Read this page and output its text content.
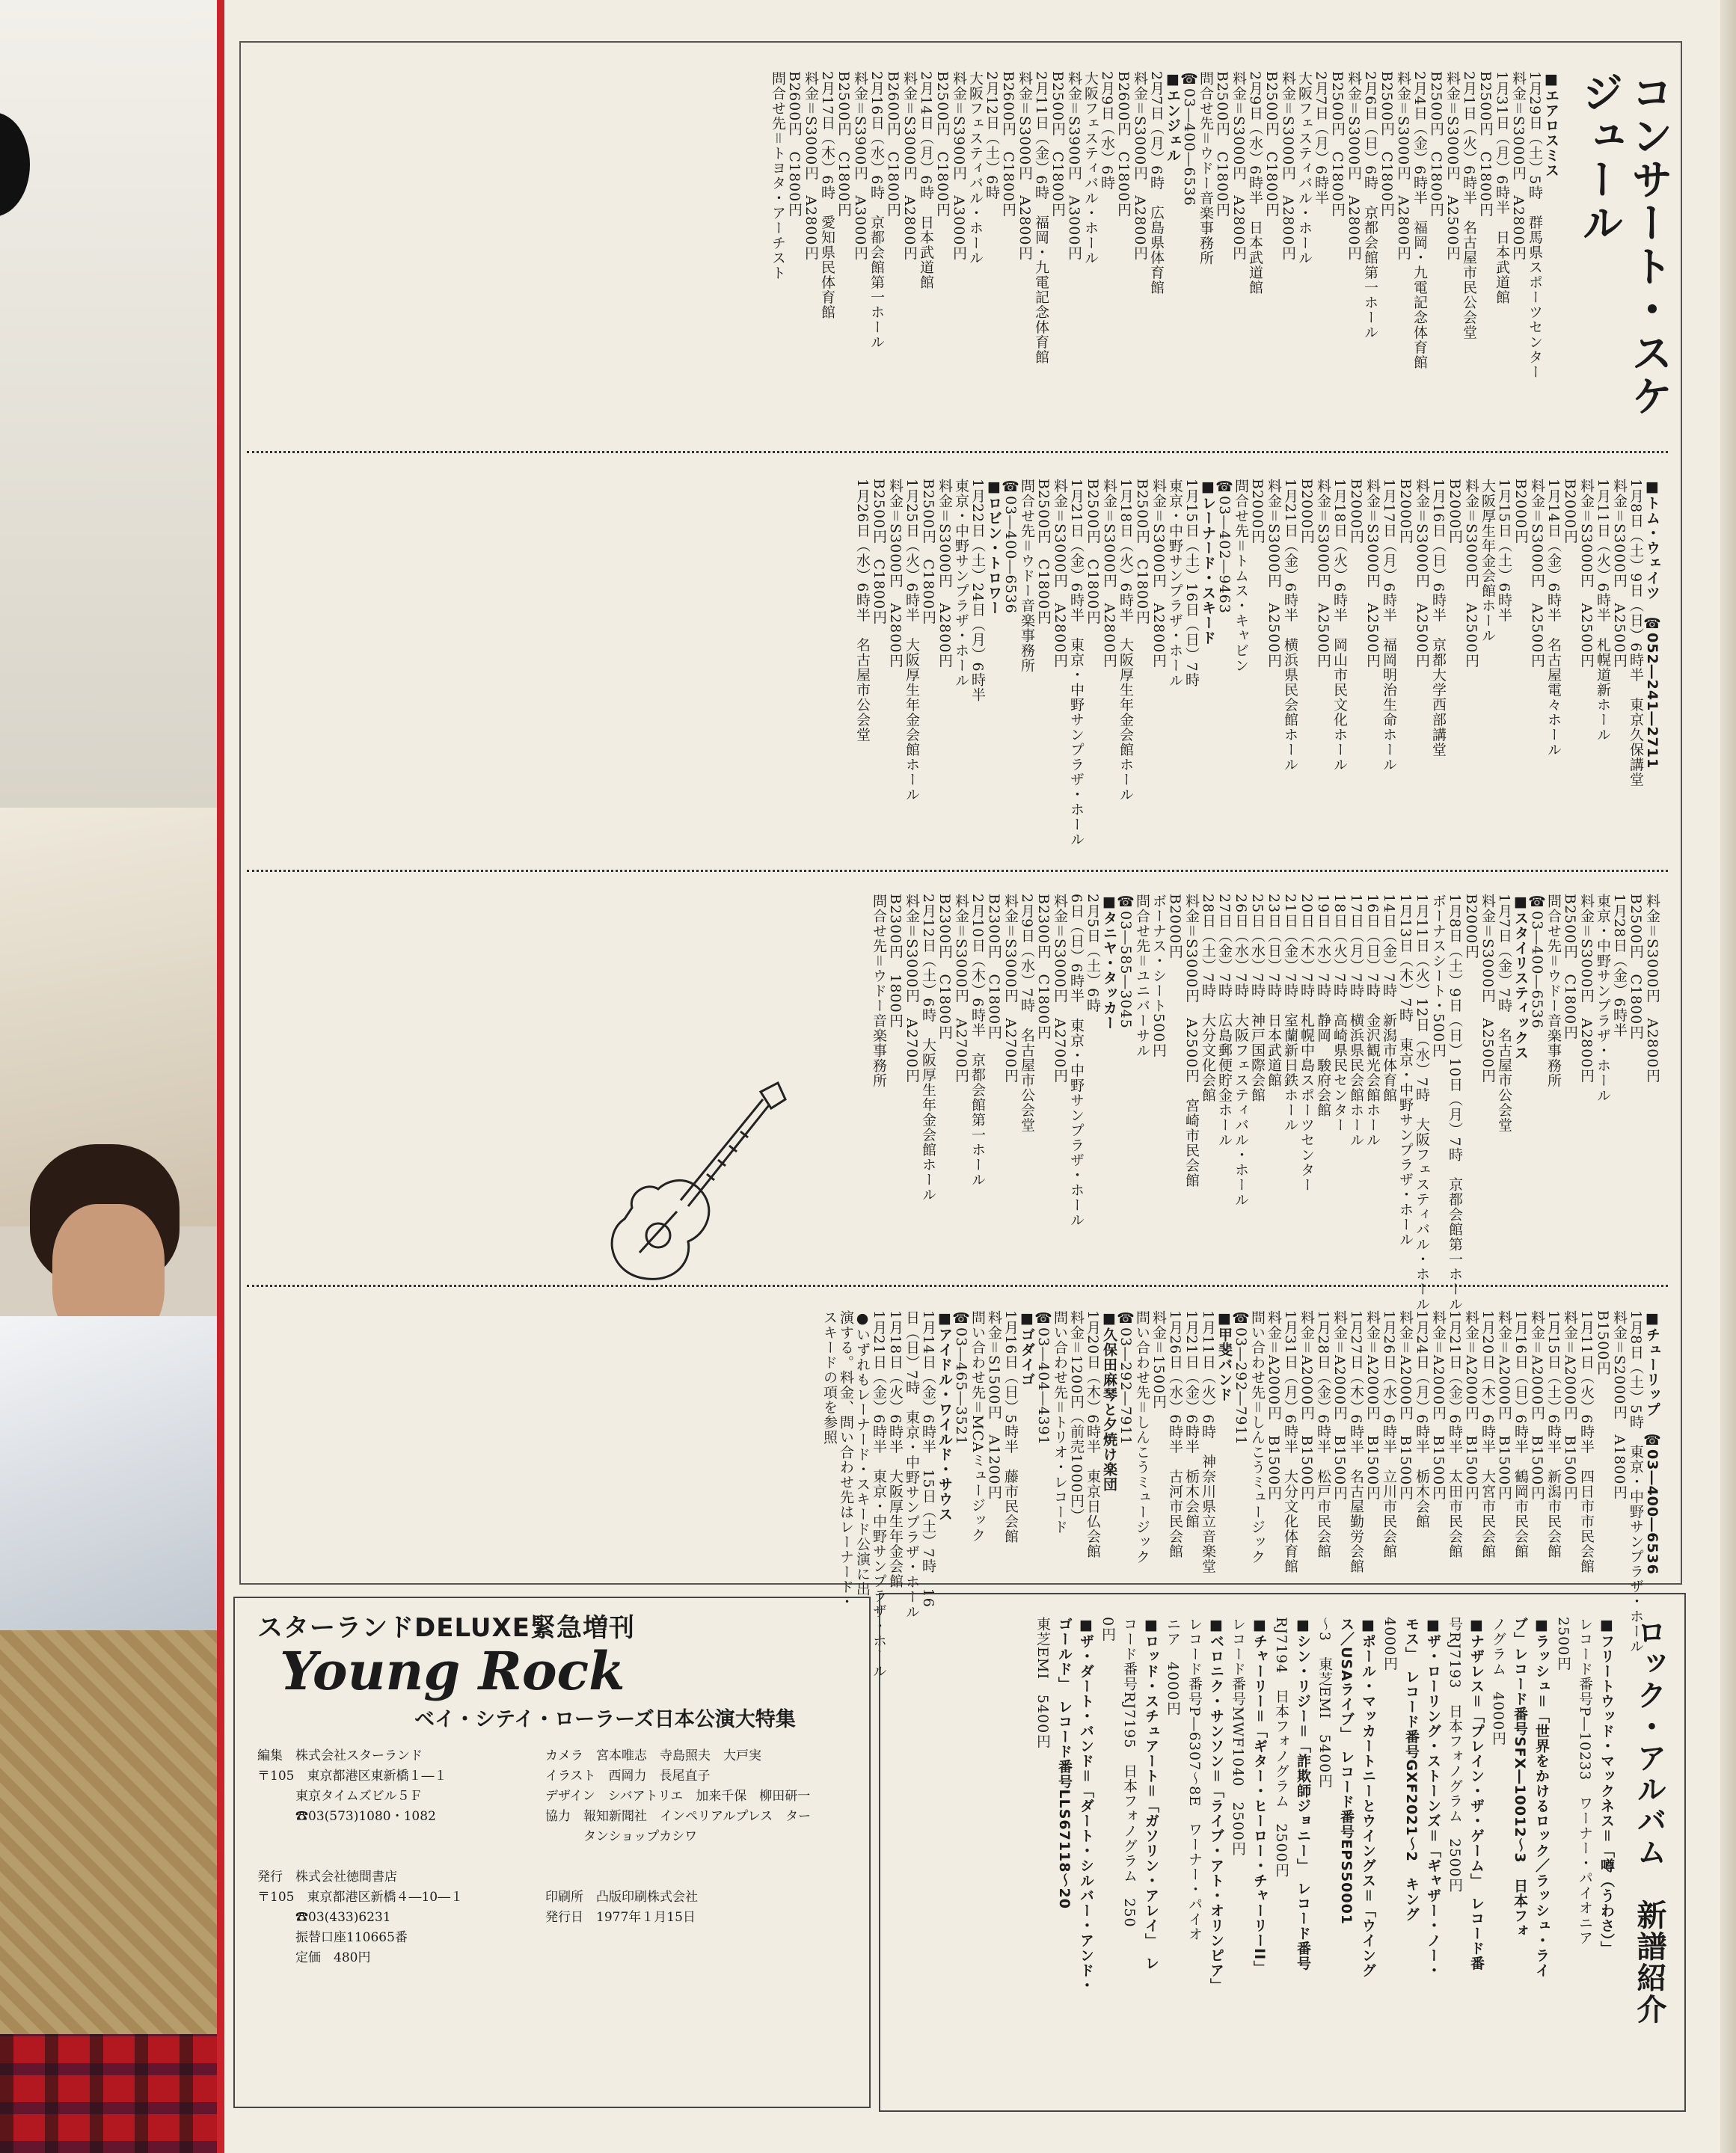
コンサート・スケジュール
■エアロスミス
1月29日（土）5時　群馬県スポーツセンター
料金＝S3000円　A2800円
1月31日（月）6時半　日本武道館
B2500円　C1800円
2月1日（火）6時半　名古屋市民公会堂
料金＝S3000円　A2500円
B2500円　C1800円
2月4日（金）6時半　福岡・九電記念体育館
料金＝S3000円　A2800円
B2500円　C1800円
2月6日（日）6時　京都会館第一ホール
料金＝S3000円　A2800円
B2500円　C1800円
2月7日（月）6時半
大阪フェスティバル・ホール
料金＝S3000円　A2800円
B2500円　C1800円
2月9日（水）6時半　日本武道館
料金＝S3000円　A2800円
B2500円　C1800円
問合せ先＝ウドー音楽事務所
☎03―400―6536
■エンジェル
2月7日（月）6時　広島県体育館
料金＝S3000円　A2800円
B2600円　C1800円
2月9日（水）6時
大阪フェスティバル・ホール
料金＝S3900円　A3000円
B2500円　C1800円
2月11日（金）6時　福岡・九電記念体育館
料金＝S3000円　A2800円
B2600円　C1800円
2月12日（土）6時
大阪フェスティバル・ホール
料金＝S3900円　A3000円
B2500円　C1800円
2月14日（月）6時　日本武道館
料金＝S3000円　A2800円
B2600円　C1800円
2月16日（水）6時　京都会館第一ホール
料金＝S3900円　A3000円
B2500円　C1800円
2月17日（木）6時　愛知県民体育館
料金＝S3000円　A2800円
B2600円　C1800円
問合せ先＝トヨタ・アーチスト
■トム・ウェイツ　☎052―241―2711
1月8日（土）9日（日）6時半　東京久保講堂
料金＝S3000円　A2500円
1月11日（火）6時半　札幌道新ホール
料金＝S3000円　A2500円
B2000円
1月14日（金）6時半　名古屋電々ホール
料金＝S3000円　A2500円
B2000円
1月15日（土）6時半
大阪厚生年金会館ホール
料金＝S3000円　A2500円
B2000円
1月16日（日）6時半　京都大学西部講堂
料金＝S3000円　A2500円
B2000円
1月17日（月）6時半　福岡明治生命ホール
料金＝S3000円　A2500円
B2000円
1月18日（火）6時半　岡山市民文化ホール
料金＝S3000円　A2500円
B2000円
1月21日（金）6時半　横浜県民会館ホール
料金＝S3000円　A2500円
B2000円
問合せ先＝トムス・キャビン
☎03―402―9463
■レーナード・スキード
1月15日（土）16日（日）7時
東京・中野サンプラザ・ホール
料金＝S3000円　A2800円
B2500円　C1800円
1月18日（火）6時半　大阪厚生年金会館ホール
料金＝S3000円　A2800円
B2500円　C1800円
1月21日（金）6時半　東京・中野サンプラザ・ホール
料金＝S3000円　A2800円
B2500円　C1800円
問合せ先＝ウドー音楽事務所
☎03―400―6536
■ロビン・トロワー
1月22日（土）24日（月）6時半
東京・中野サンプラザ・ホール
料金＝S3000円　A2800円
B2500円　C1800円
1月25日（火）6時半　大阪厚生年金会館ホール
料金＝S3000円　A2800円
B2500円　C1800円
1月26日（水）6時半　名古屋市公会堂
料金＝S3000円　A2800円
B2500円　C1800円
1月28日（金）6時半
東京・中野サンプラザ・ホール
料金＝S3000円　A2800円
B2500円　C1800円
問合せ先＝ウドー音楽事務所
☎03―400―6536
■スタイリスティックス
1月7日（金）7時　名古屋市公会堂
料金＝S3000円　A2500円
B2000円
1月8日（土）9日（日）10日（月）7時　京都会館第一ホール
ボーナスシート・500円
1月11日（火）12日（水）7時　大阪フェスティバル・ホール
1月13日（木）7時　東京・中野サンプラザ・ホール
14日（金）7時　新潟市体育館
16日（日）7時　金沢観光会館ホール
17日（月）7時　横浜県民会館ホール
18日（火）7時　高崎県民センター
19日（水）7時　静岡　駿府会館
20日（木）7時　札幌中島スポーツセンター
21日（金）7時　室蘭新日鉄ホール
23日（日）7時　日本武道館
25日（水）7時　神戸国際会館
26日（水）7時　大阪フェスティバル・ホール
27日（金）7時　広島郵便貯金ホール
28日（土）7時　大分文化会館
料金＝S3000円　A2500円　宮崎市民会館
B2000円
ボーナス・シート500円
問合せ先＝ユニバーサル
☎03―585―3045
■タニヤ・タッカー
2月5日（土）6時
6日（日）6時半　東京・中野サンプラザ・ホール
料金＝S3000円　A2700円
B2300円　C1800円
2月9日（水）7時　名古屋市公会堂
料金＝S3000円　A2700円
B2300円　C1800円
2月10日（木）6時半　京都会館第一ホール
料金＝S3000円　A2700円
B2300円　C1800円
2月12日（土）6時　大阪厚生年金会館ホール
料金＝S3000円　A2700円
B2300円　1800円
問合せ先＝ウドー音楽事務所
■チューリップ　☎03―400―6536
1月8日（土）5時　東京・中野サンプラザ・ホール
料金＝S2000円　A1800円
B1500円
1月11日（火）6時半　四日市市民会館
料金＝A2000円　B1500円
1月15日（土）6時半　新潟市民会館
料金＝A2000円　B1500円
1月16日（日）6時半　鶴岡市民会館
料金＝A2000円　B1500円
1月20日（木）6時半　大宮市民会館
料金＝A2000円　B1500円
1月21日（金）6時半　太田市民会館
料金＝A2000円　B1500円
1月24日（月）6時半　栃木会館
料金＝A2000円　B1500円
1月26日（水）6時半　立川市民会館
料金＝A2000円　B1500円
1月27日（木）6時半　名古屋勤労会館
料金＝A2000円　B1500円
1月28日（金）6時半　松戸市民会館
料金＝A2000円　B1500円
1月31日（月）6時半　大分文化体育館
料金＝A2000円　B1500円
問い合わせ先＝しんこうミュージック
☎03―292―7911
■甲斐バンド
1月11日（火）6時　神奈川県立音楽堂
1月21日（金）6時半　栃木会館
1月26日（水）6時半　古河市民会館
料金＝1500円
問い合わせ先＝しんこうミュージック
☎03―292―7911
■久保田麻琴と夕焼け楽団
1月20日（木）6時半　東京日仏会館
料金＝1200円（前売1000円）
問い合わせ先＝トリオ・レコード
☎03―404―4391
■ゴダイゴ
1月16日（日）5時半　藤市民会館
料金＝S1500円　A1200円
問い合わせ先＝MCAミュージック
☎03―465―3521
■アイドル・ワイルド・サウス
1月14日（金）6時半　15日（土）7時　16
日（日）7時　東京・中野サンプラザ・ホール
1月18日（火）6時半　大阪厚生年金会館
1月21日（金）6時半　東京・中野サンプラザ・ホール
●いずれもレーナード・スキード公演に出
演する。料金、問い合わせ先はレーナード・
スキードの項を参照
スターランドDELUXE緊急増刊
Young Rock
ベイ・シテイ・ローラーズ日本公演大特集
編集　株式会社スターランド
〒105　東京都港区東新橋１―１
　　　東京タイムズビル５Ｆ
　　　☎03(573)1080・1082

発行　株式会社徳間書店
〒105　東京都港区新橋４―10―１
　　　☎03(433)6231
　　　振替口座110665番
　　　定価　480円
カメラ　宮本唯志　寺島照夫　大戸実
イラスト　西岡力　長尾直子
デザイン　シバアトリエ　加来千保　柳田研一
協力　報知新聞社　インペリアルプレス　ター
　　　タンショップカシワ

印刷所　凸版印刷株式会社
発行日　1977年１月15日	ロック・アルバム　新譜紹介
■フリートウッド・マックネス＝「噂（うわさ）」
レコード番号P―10233　ワーナー・パイオニア
2500円
■ラッシュ＝「世界をかけるロック／ラッシュ・ライ
ブ」レコード番号SFX―10012～3　日本フォ
ノグラム　4000円
■ナザレス＝「プレイン・ザ・ゲーム」　レコード番
号RJ7193　日本フォノグラム　2500円
■ザ・ローリング・ストーンズ＝「ギャザー・ノー・
モス」　レコード番号GXF2021～2　キング
4000円
■ポール・マッカートニーとウイングス＝「ウイング
ス／USAライブ」　レコード番号EPS50001
～3　東芝EMI　5400円
■シン・リジー＝「詐欺師ジョニー」　レコード番号
RJ7194　日本フォノグラム　2500円
■チャーリー＝「ギター・ヒーロー・チャーリーII」
レコード番号MWF1040　2500円
■ベロニク・サンソン＝「ライブ・アト・オリンピア」
レコード番号P―6307～8E　ワーナー・パイオ
ニア　4000円
■ロッド・スチュアート＝「ガソリン・アレイ」　レ
コード番号RJ7195　日本フォノグラム　250
0円
■ザ・ダート・バンド＝「ダート・シルバー・アンド・
ゴールド」　レコード番号LLS67118～20
東芝EMI　5400円
